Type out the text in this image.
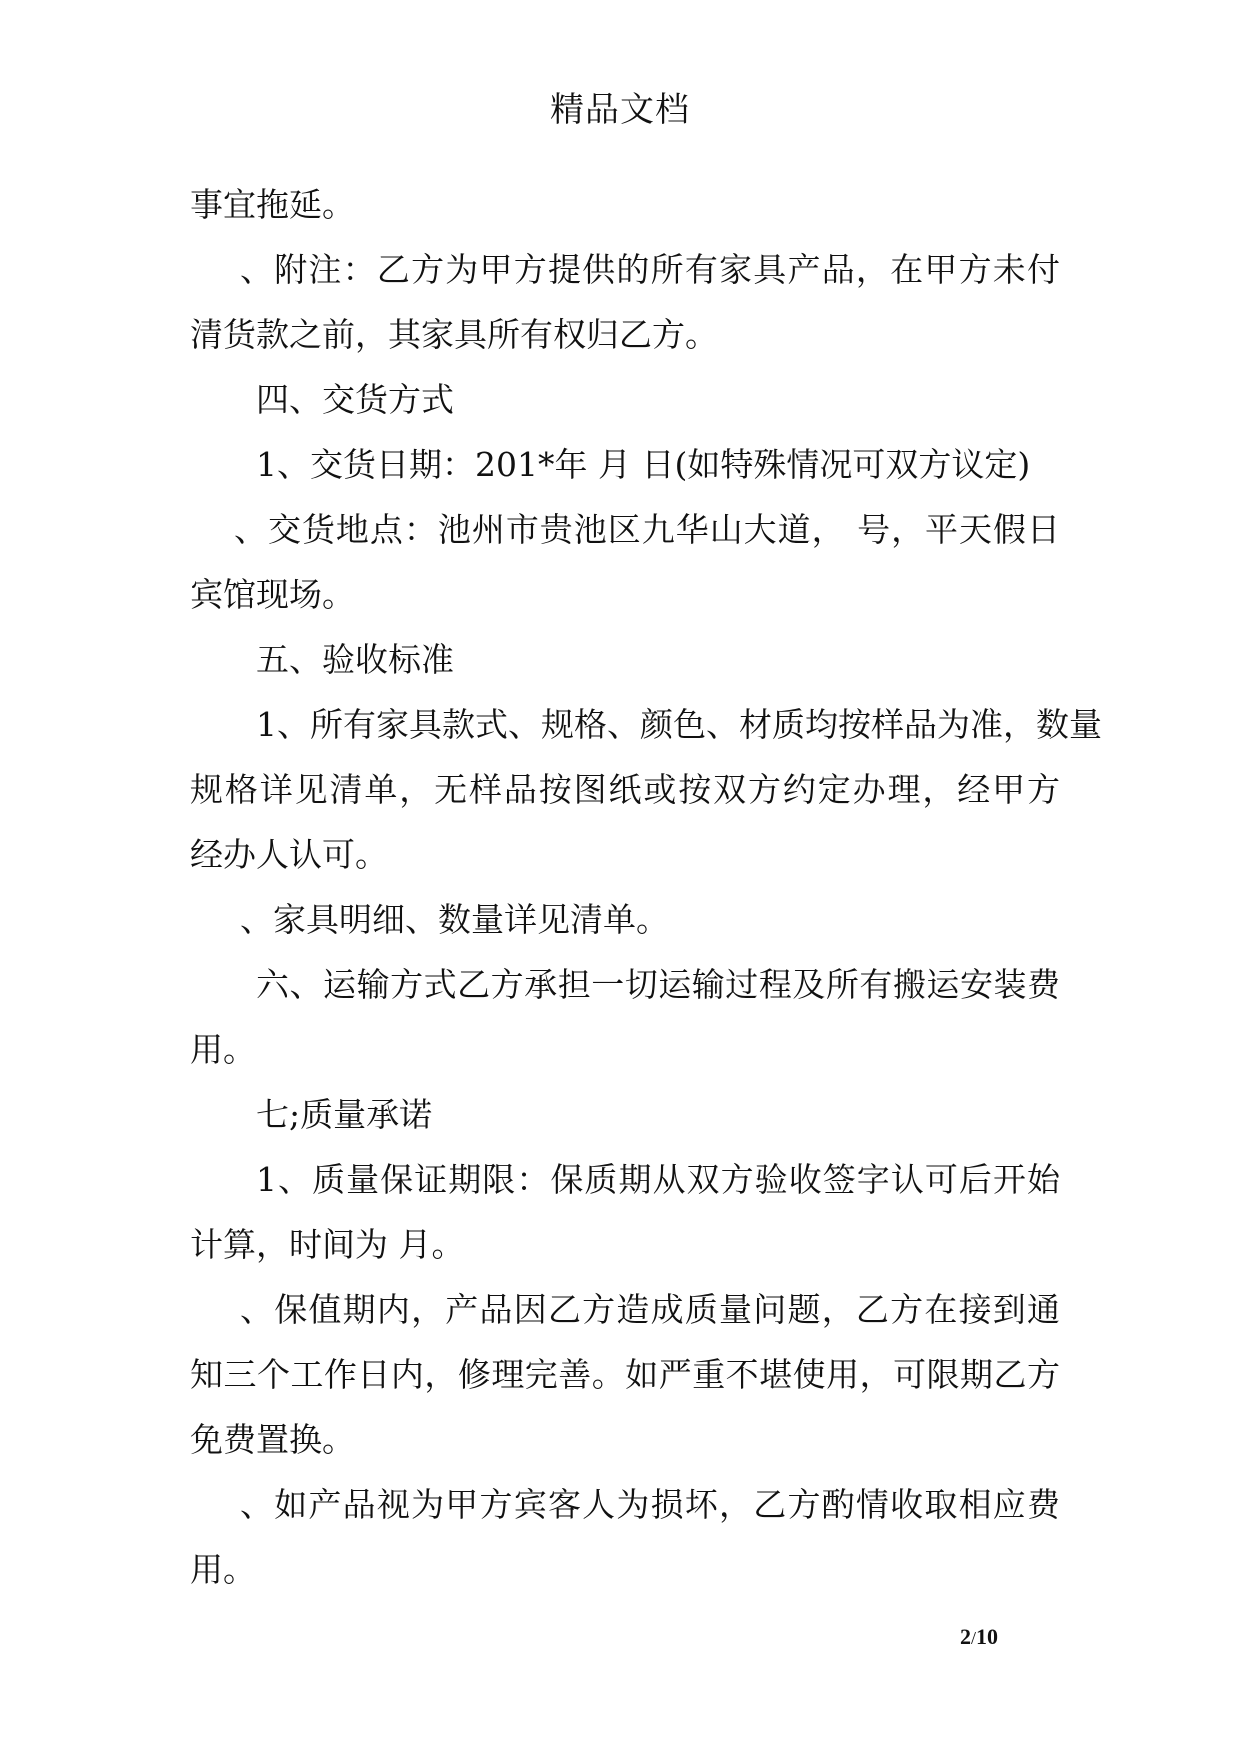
精品文档
事宜拖延。
、附注：乙方为甲方提供的所有家具产品，在甲方未付
清货款之前，其家具所有权归乙方。
四、交货方式
1、交货日期：201*年 月 日(如特殊情况可双方议定)
、交货地点：池州市贵池区九华山大道， 号，平天假日
宾馆现场。
五、验收标准
1、所有家具款式、规格、颜色、材质均按样品为准，数量
规格详见清单，无样品按图纸或按双方约定办理，经甲方
经办人认可。
、家具明细、数量详见清单。
六、运输方式乙方承担一切运输过程及所有搬运安装费
用。
七;质量承诺
1、质量保证期限：保质期从双方验收签字认可后开始
计算，时间为 月。
、保值期内，产品因乙方造成质量问题，乙方在接到通
知三个工作日内，修理完善。如严重不堪使用，可限期乙方
免费置换。
、如产品视为甲方宾客人为损坏，乙方酌情收取相应费
用。
2/10
